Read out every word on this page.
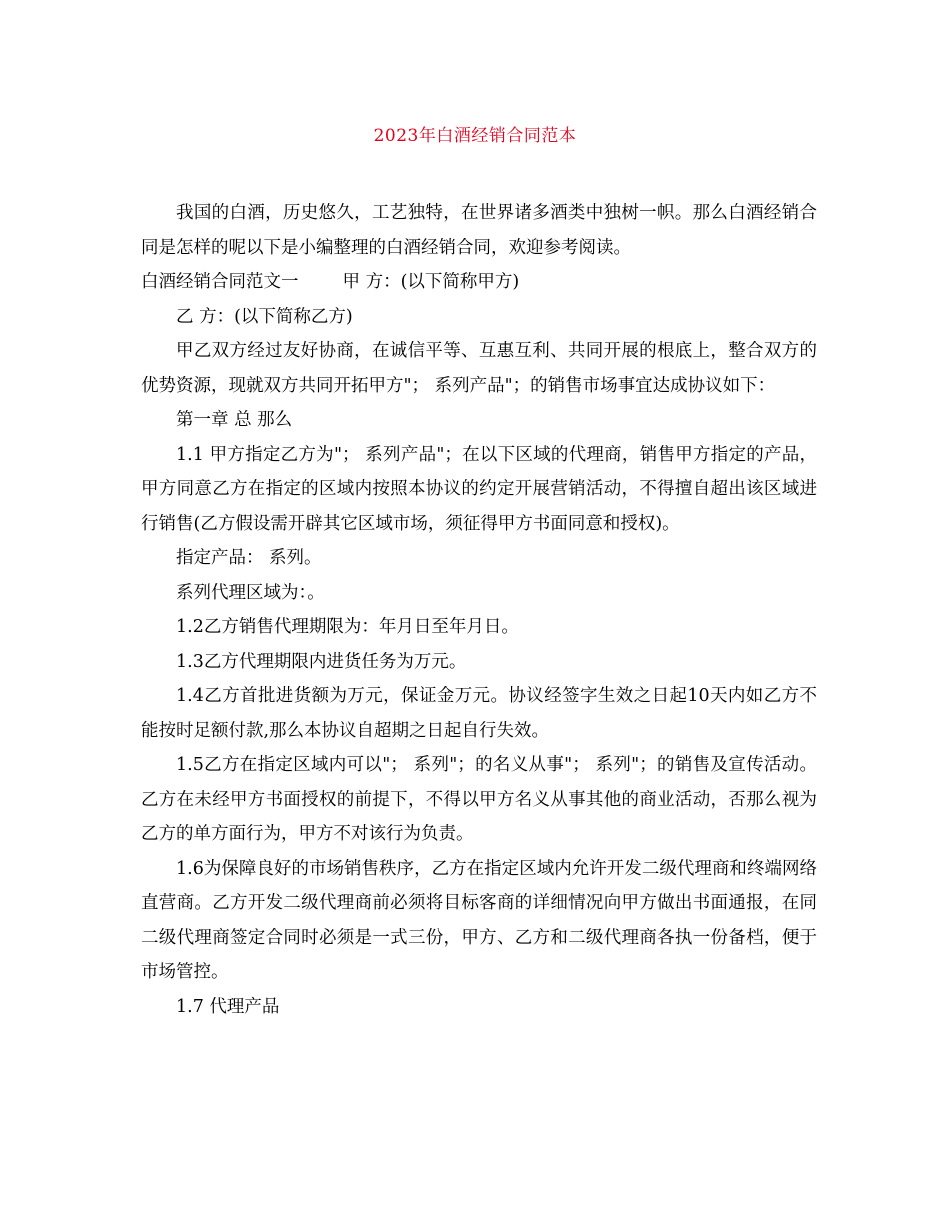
2023年白酒经销合同范本

我国的白酒，历史悠久，工艺独特，在世界诸多酒类中独树一帜。那么白酒经销合同是怎样的呢以下是小编整理的白酒经销合同，欢迎参考阅读。

白酒经销合同范文一	甲 方：(以下简称甲方)

乙 方：(以下简称乙方)

甲乙双方经过友好协商，在诚信平等、互惠互利、共同开展的根底上，整合双方的优势资源，现就双方共同开拓甲方"； 系列产品"；的销售市场事宜达成协议如下：

第一章 总 那么

1.1 甲方指定乙方为"； 系列产品"；在以下区域的代理商，销售甲方指定的产品，甲方同意乙方在指定的区域内按照本协议的约定开展营销活动，不得擅自超出该区域进行销售(乙方假设需开辟其它区域市场，须征得甲方书面同意和授权)。

指定产品： 系列。

系列代理区域为：。

1.2乙方销售代理期限为：年月日至年月日。

1.3乙方代理期限内进货任务为万元。

1.4乙方首批进货额为万元，保证金万元。协议经签字生效之日起10天内如乙方不能按时足额付款,那么本协议自超期之日起自行失效。

1.5乙方在指定区域内可以"； 系列"；的名义从事"； 系列"；的销售及宣传活动。乙方在未经甲方书面授权的前提下，不得以甲方名义从事其他的商业活动，否那么视为乙方的单方面行为，甲方不对该行为负责。

1.6为保障良好的市场销售秩序，乙方在指定区域内允许开发二级代理商和终端网络直营商。乙方开发二级代理商前必须将目标客商的详细情况向甲方做出书面通报，在同二级代理商签定合同时必须是一式三份，甲方、乙方和二级代理商各执一份备档，便于市场管控。

1.7 代理产品
